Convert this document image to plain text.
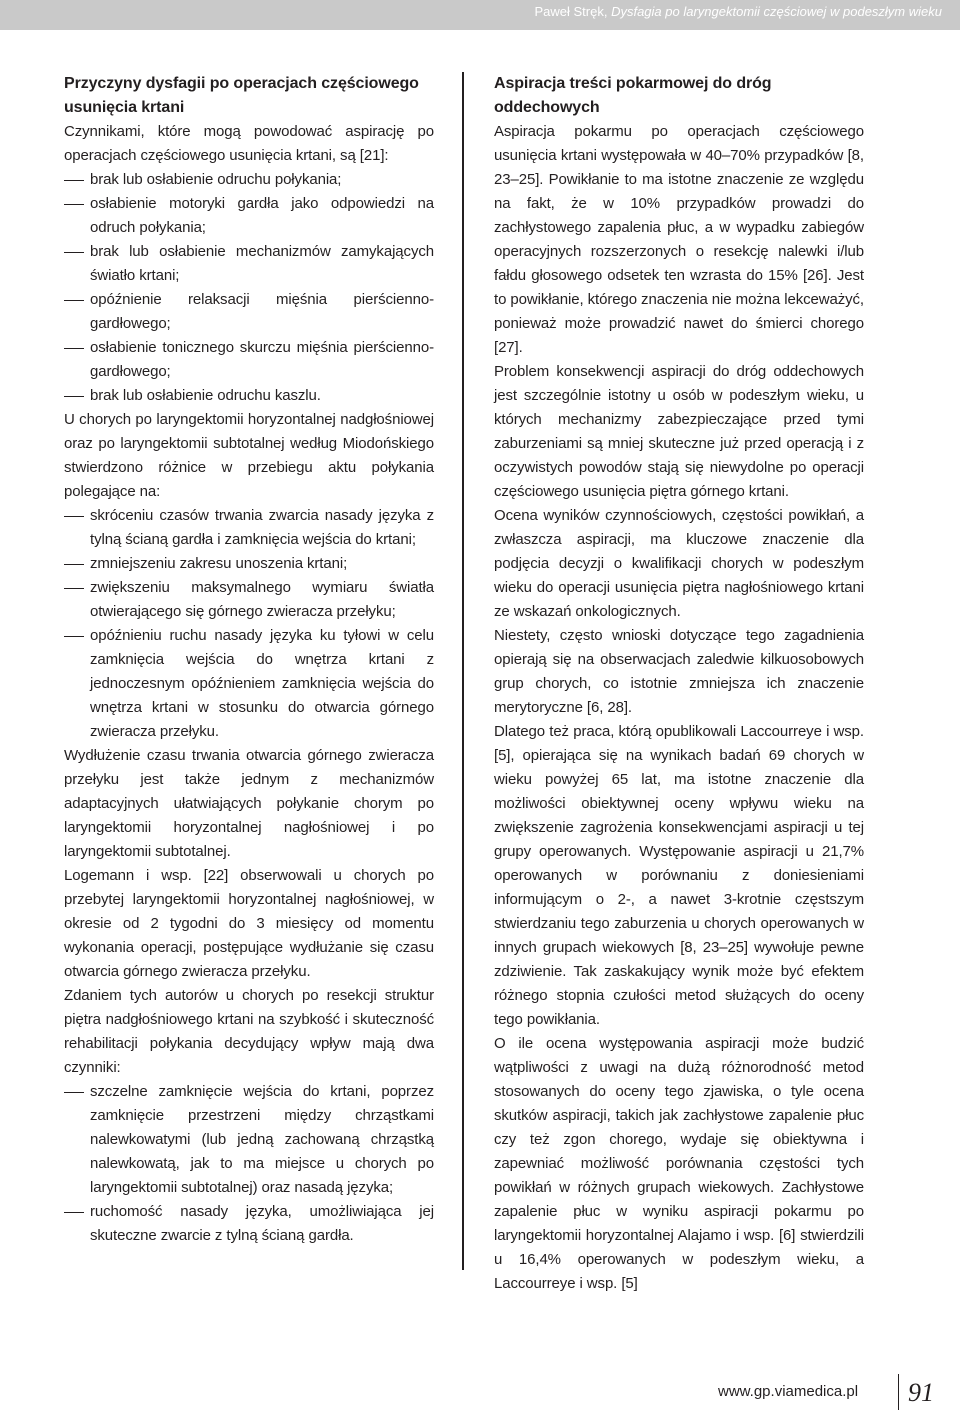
Paweł Stręk, Dysfagia po laryngektomii częściowej w podeszłym wieku
Przyczyny dysfagii po operacjach częściowego usunięcia krtani

Czynnikami, które mogą powodować aspirację po operacjach częściowego usunięcia krtani, są [21]:

brak lub osłabienie odruchu połykania;
osłabienie motoryki gardła jako odpowiedzi na odruch połykania;
brak lub osłabienie mechanizmów zamykających światło krtani;
opóźnienie relaksacji mięśnia pierścienno-gardłowego;
osłabienie tonicznego skurczu mięśnia pierścienno-gardłowego;
brak lub osłabienie odruchu kaszlu.

U chorych po laryngektomii horyzontalnej nadgłośniowej oraz po laryngektomii subtotalnej według Miodońskiego stwierdzono różnice w przebiegu aktu połykania polegające na:

skróceniu czasów trwania zwarcia nasady języka z tylną ścianą gardła i zamknięcia wejścia do krtani;
zmniejszeniu zakresu unoszenia krtani;
zwiększeniu maksymalnego wymiaru światła otwierającego się górnego zwieracza przełyku;
opóźnieniu ruchu nasady języka ku tyłowi w celu zamknięcia wejścia do wnętrza krtani z jednoczesnym opóźnieniem zamknięcia wejścia do wnętrza krtani w stosunku do otwarcia górnego zwieracza przełyku.

Wydłużenie czasu trwania otwarcia górnego zwieracza przełyku jest także jednym z mechanizmów adaptacyjnych ułatwiających połykanie chorym po laryngektomii horyzontalnej nagłośniowej i po laryngektomii subtotalnej.

Logemann i wsp. [22] obserwowali u chorych po przebytej laryngektomii horyzontalnej nagłośniowej, w okresie od 2 tygodni do 3 miesięcy od momentu wykonania operacji, postępujące wydłużanie się czasu otwarcia górnego zwieracza przełyku.

Zdaniem tych autorów u chorych po resekcji struktur piętra nadgłośniowego krtani na szybkość i skuteczność rehabilitacji połykania decydujący wpływ mają dwa czynniki:

szczelne zamknięcie wejścia do krtani, poprzez zamknięcie przestrzeni między chrząstkami nalewkowatymi (lub jedną zachowaną chrząstką nalewkowatą, jak to ma miejsce u chorych po laryngektomii subtotalnej) oraz nasadą języka;
ruchomość nasady języka, umożliwiająca jej skuteczne zwarcie z tylną ścianą gardła.
Aspiracja treści pokarmowej do dróg oddechowych

Aspiracja pokarmu po operacjach częściowego usunięcia krtani występowała w 40–70% przypadków [8, 23–25]. Powikłanie to ma istotne znaczenie ze względu na fakt, że w 10% przypadków prowadzi do zachłystowego zapalenia płuc, a w wypadku zabiegów operacyjnych rozszerzonych o resekcję nalewki i/lub fałdu głosowego odsetek ten wzrasta do 15% [26]. Jest to powikłanie, którego znaczenia nie można lekceważyć, ponieważ może prowadzić nawet do śmierci chorego [27].

Problem konsekwencji aspiracji do dróg oddechowych jest szczególnie istotny u osób w podeszłym wieku, u których mechanizmy zabezpieczające przed tymi zaburzeniami są mniej skuteczne już przed operacją i z oczywistych powodów stają się niewydolne po operacji częściowego usunięcia piętra górnego krtani.

Ocena wyników czynnościowych, częstości powikłań, a zwłaszcza aspiracji, ma kluczowe znaczenie dla podjęcia decyzji o kwalifikacji chorych w podeszłym wieku do operacji usunięcia piętra nagłośniowego krtani ze wskazań onkologicznych.

Niestety, często wnioski dotyczące tego zagadnienia opierają się na obserwacjach zaledwie kilkuosobowych grup chorych, co istotnie zmniejsza ich znaczenie merytoryczne [6, 28].

Dlatego też praca, którą opublikowali Laccourreye i wsp. [5], opierająca się na wynikach badań 69 chorych w wieku powyżej 65 lat, ma istotne znaczenie dla możliwości obiektywnej oceny wpływu wieku na zwiększenie zagrożenia konsekwencjami aspiracji u tej grupy operowanych. Występowanie aspiracji u 21,7% operowanych w porównaniu z doniesieniami informującym o 2-, a nawet 3-krotnie częstszym stwierdzaniu tego zaburzenia u chorych operowanych w innych grupach wiekowych [8, 23–25] wywołuje pewne zdziwienie. Tak zaskakujący wynik może być efektem różnego stopnia czułości metod służących do oceny tego powikłania.

O ile ocena występowania aspiracji może budzić wątpliwości z uwagi na dużą różnorodność metod stosowanych do oceny tego zjawiska, o tyle ocena skutków aspiracji, takich jak zachłystowe zapalenie płuc czy też zgon chorego, wydaje się obiektywna i zapewniać możliwość porównania częstości tych powikłań w różnych grupach wiekowych. Zachłystowe zapalenie płuc w wyniku aspiracji pokarmu po laryngektomii horyzontalnej Alajamo i wsp. [6] stwierdzili u 16,4% operowanych w podeszłym wieku, a Laccourreye i wsp. [5]

www.gp.viamedica.pl 91
